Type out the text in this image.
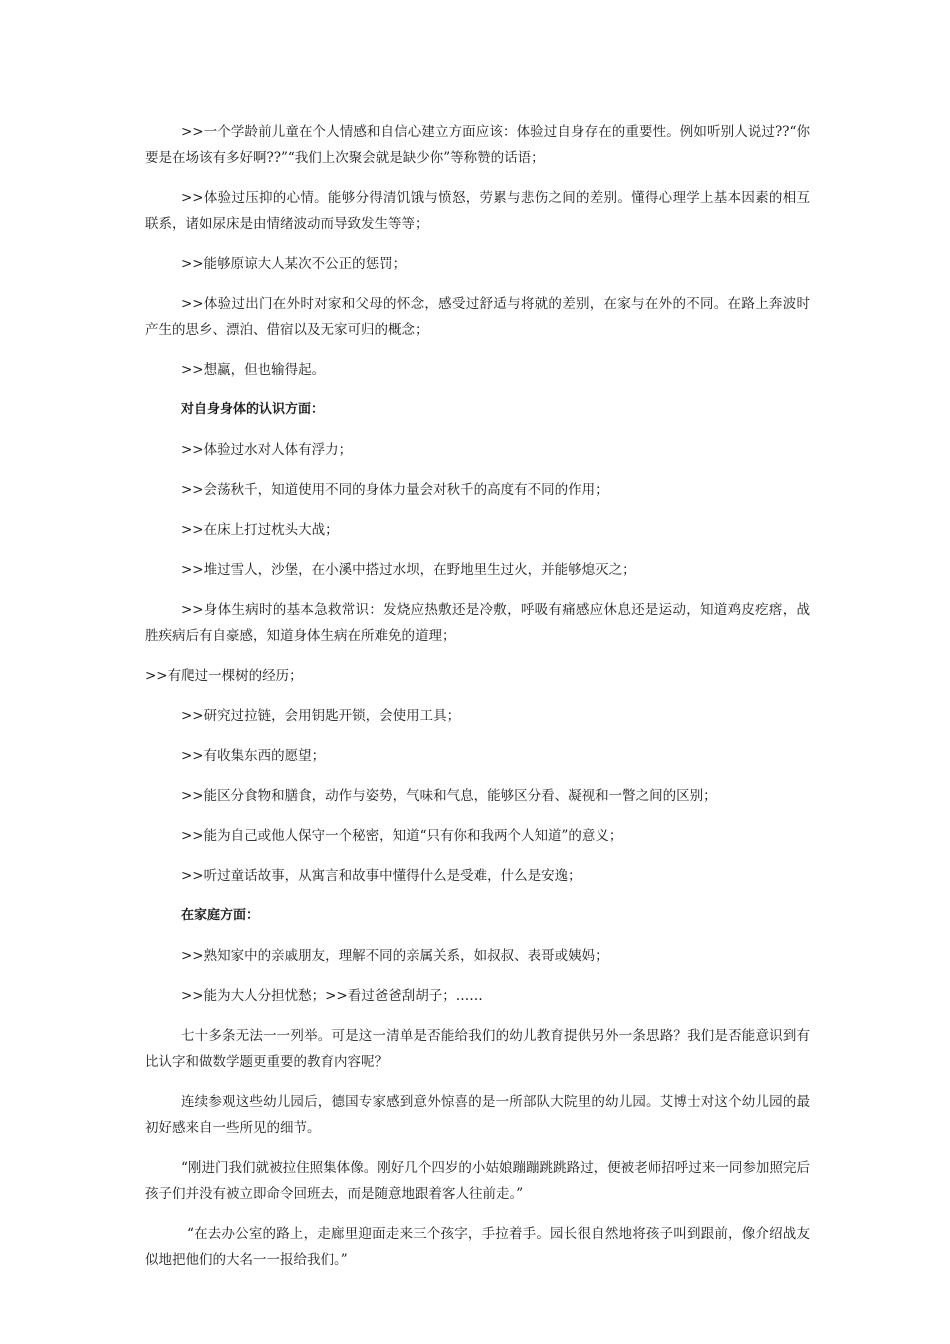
>>一个学龄前儿童在个人情感和自信心建立方面应该：体验过自身存在的重要性。例如听别人说过??“你要是在场该有多好啊??”“我们上次聚会就是缺少你”等称赞的话语；

>>体验过压抑的心情。能够分得清饥饿与愤怒，劳累与悲伤之间的差别。懂得心理学上基本因素的相互联系，诸如尿床是由情绪波动而导致发生等等；

>>能够原谅大人某次不公正的惩罚；

>>体验过出门在外时对家和父母的怀念，感受过舒适与将就的差别，在家与在外的不同。在路上奔波时产生的思乡、漂泊、借宿以及无家可归的概念；

>>想赢，但也输得起。

对自身身体的认识方面：

>>体验过水对人体有浮力；

>>会荡秋千，知道使用不同的身体力量会对秋千的高度有不同的作用；

>>在床上打过枕头大战；

>>堆过雪人，沙堡，在小溪中搭过水坝，在野地里生过火，并能够熄灭之；

>>身体生病时的基本急救常识：发烧应热敷还是冷敷，呼吸有痛感应休息还是运动，知道鸡皮疙瘩，战胜疾病后有自豪感，知道身体生病在所难免的道理；

>>有爬过一棵树的经历；

>>研究过拉链，会用钥匙开锁，会使用工具；

>>有收集东西的愿望；

>>能区分食物和膳食，动作与姿势，气味和气息，能够区分看、凝视和一瞥之间的区别；

>>能为自己或他人保守一个秘密，知道“只有你和我两个人知道”的意义；

>>听过童话故事，从寓言和故事中懂得什么是受难，什么是安逸；

在家庭方面：

>>熟知家中的亲戚朋友，理解不同的亲属关系，如叔叔、表哥或姨妈；

>>能为大人分担忧愁；>>看过爸爸刮胡子；……

七十多条无法一一列举。可是这一清单是否能给我们的幼儿教育提供另外一条思路？我们是否能意识到有比认字和做数学题更重要的教育内容呢？

连续参观这些幼儿园后，德国专家感到意外惊喜的是一所部队大院里的幼儿园。艾博士对这个幼儿园的最初好感来自一些所见的细节。

“刚进门我们就被拉住照集体像。刚好几个四岁的小姑娘蹦蹦跳跳路过，便被老师招呼过来一同参加照完后孩子们并没有被立即命令回班去，而是随意地跟着客人往前走。”

“在去办公室的路上，走廊里迎面走来三个孩字，手拉着手。园长很自然地将孩子叫到跟前，像介绍战友似地把他们的大名一一报给我们。”
